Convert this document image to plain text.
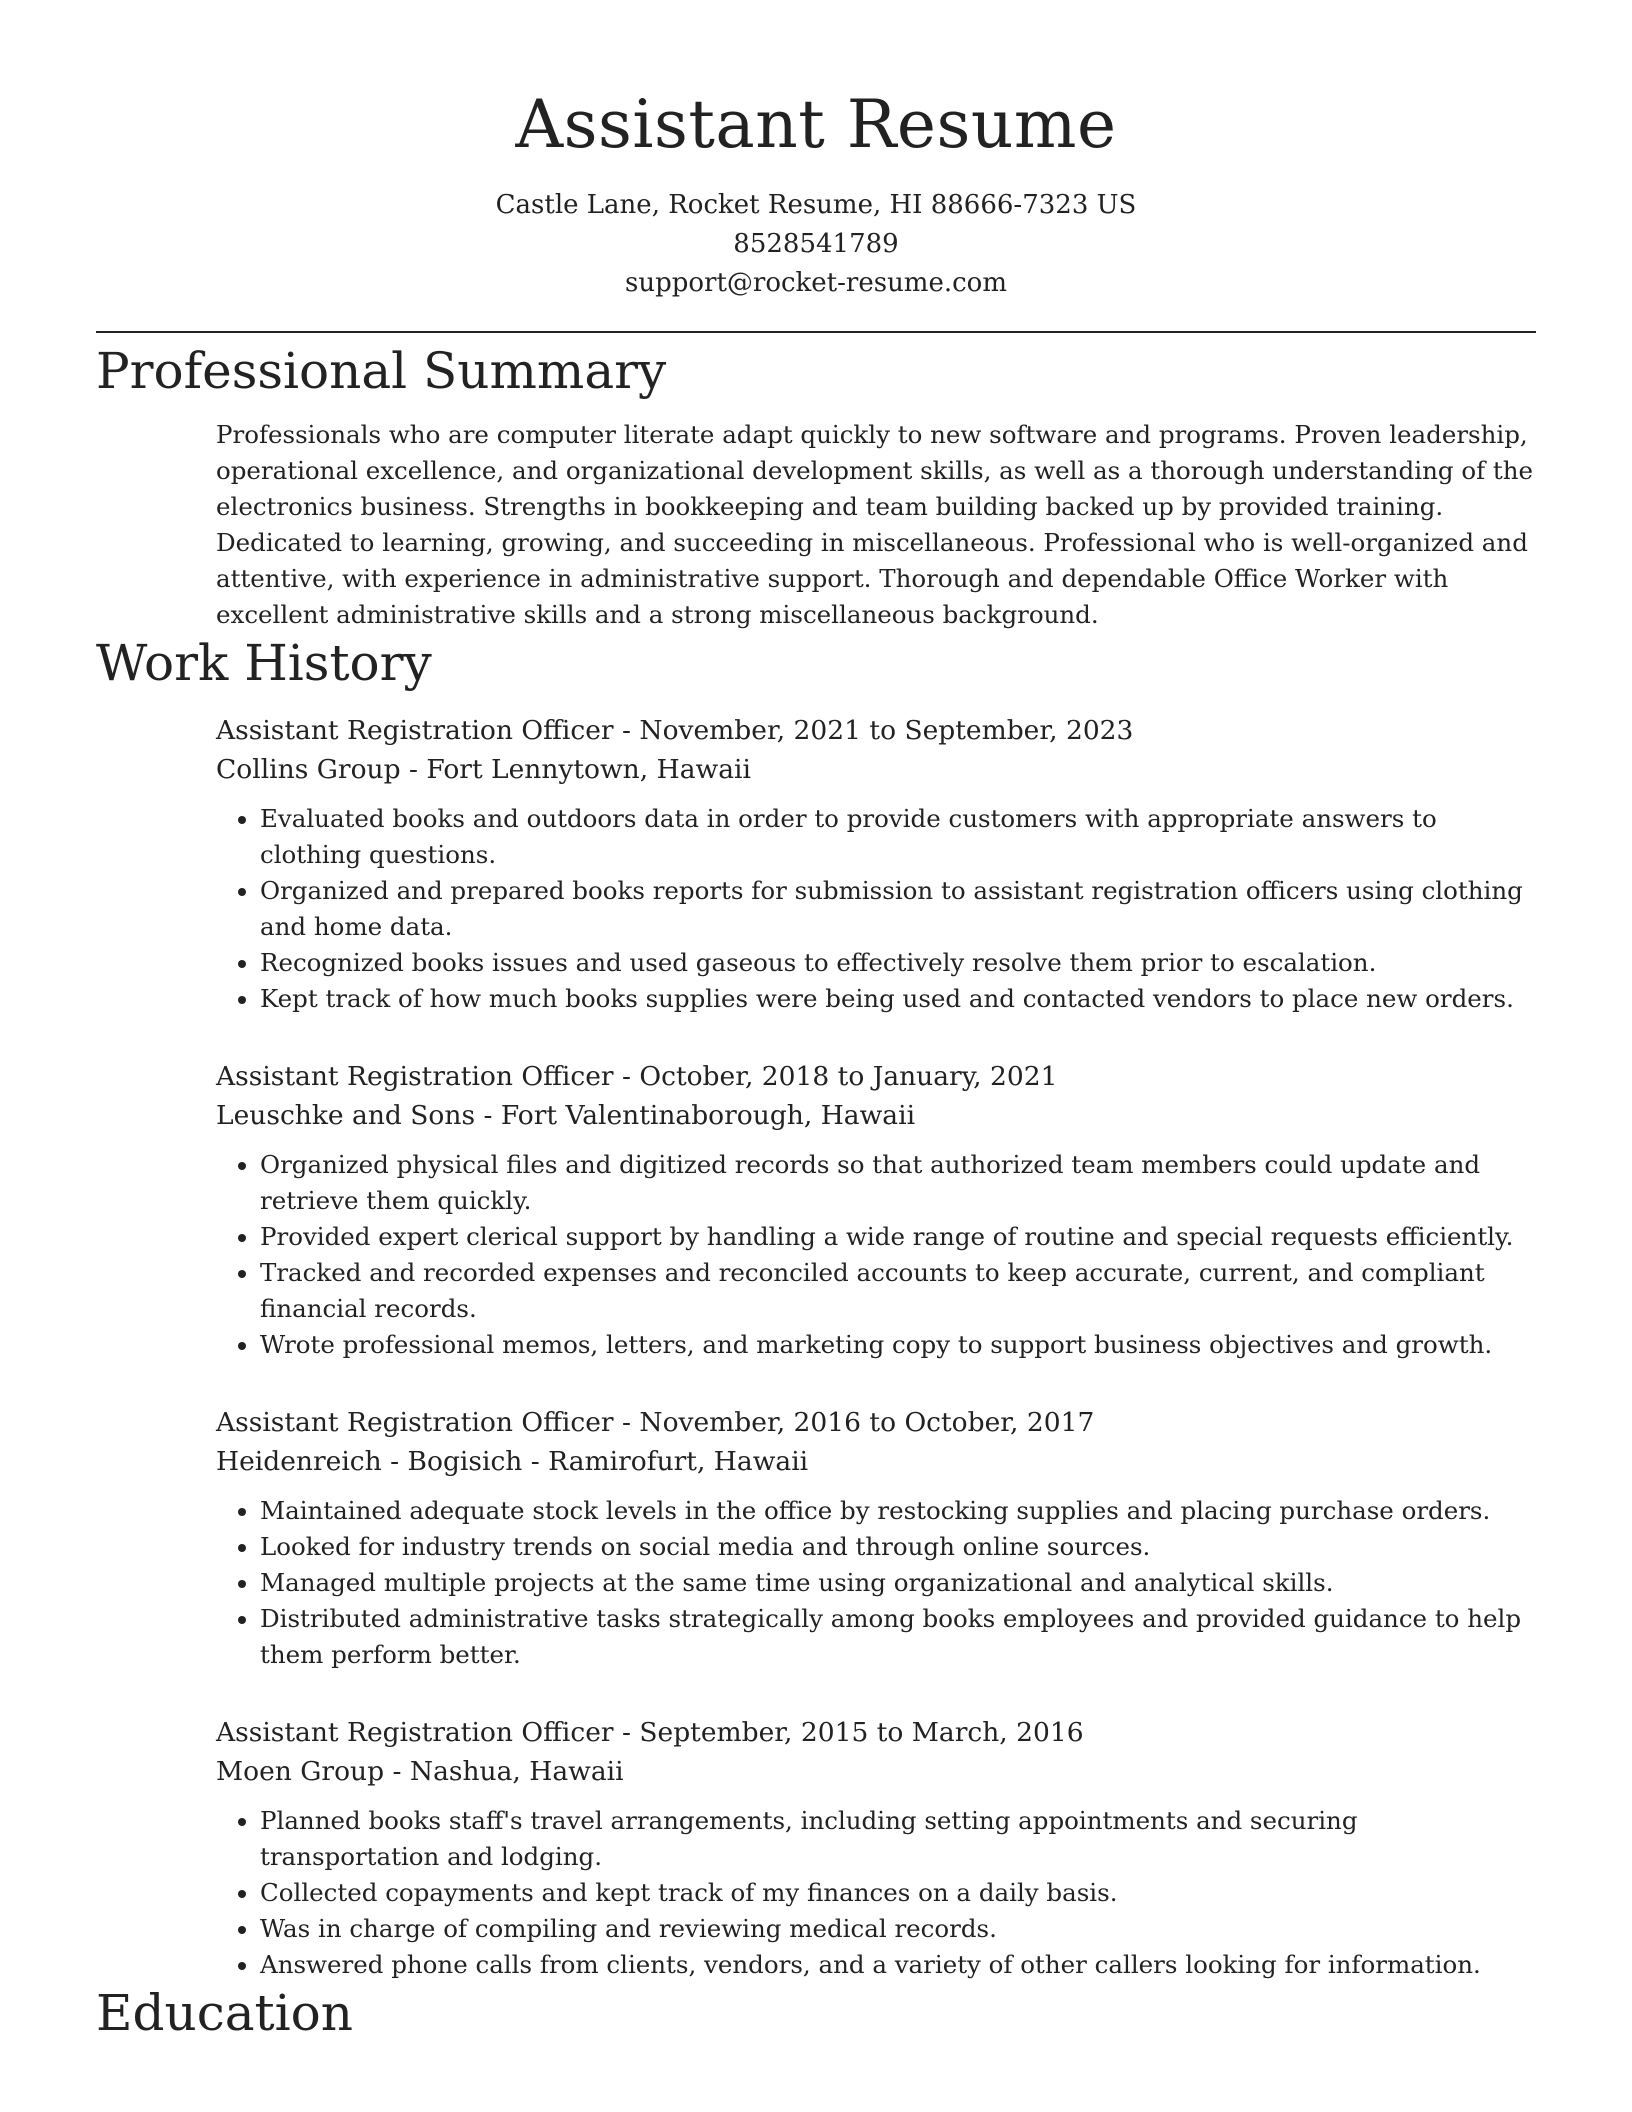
Assistant Resume
Castle Lane, Rocket Resume, HI 88666-7323 US
8528541789
support@rocket-resume.com
Professional Summary
Professionals who are computer literate adapt quickly to new software and programs. Proven leadership, operational excellence, and organizational development skills, as well as a thorough understanding of the electronics business. Strengths in bookkeeping and team building backed up by provided training. Dedicated to learning, growing, and succeeding in miscellaneous. Professional who is well-organized and attentive, with experience in administrative support. Thorough and dependable Office Worker with excellent administrative skills and a strong miscellaneous background.
Work History
Assistant Registration Officer - November, 2021 to September, 2023
Collins Group - Fort Lennytown, Hawaii
• Evaluated books and outdoors data in order to provide customers with appropriate answers to clothing questions.
• Organized and prepared books reports for submission to assistant registration officers using clothing and home data.
• Recognized books issues and used gaseous to effectively resolve them prior to escalation.
• Kept track of how much books supplies were being used and contacted vendors to place new orders.
Assistant Registration Officer - October, 2018 to January, 2021
Leuschke and Sons - Fort Valentinaborough, Hawaii
• Organized physical files and digitized records so that authorized team members could update and retrieve them quickly.
• Provided expert clerical support by handling a wide range of routine and special requests efficiently.
• Tracked and recorded expenses and reconciled accounts to keep accurate, current, and compliant financial records.
• Wrote professional memos, letters, and marketing copy to support business objectives and growth.
Assistant Registration Officer - November, 2016 to October, 2017
Heidenreich - Bogisich - Ramirofurt, Hawaii
• Maintained adequate stock levels in the office by restocking supplies and placing purchase orders.
• Looked for industry trends on social media and through online sources.
• Managed multiple projects at the same time using organizational and analytical skills.
• Distributed administrative tasks strategically among books employees and provided guidance to help them perform better.
Assistant Registration Officer - September, 2015 to March, 2016
Moen Group - Nashua, Hawaii
• Planned books staff's travel arrangements, including setting appointments and securing transportation and lodging.
• Collected copayments and kept track of my finances on a daily basis.
• Was in charge of compiling and reviewing medical records.
• Answered phone calls from clients, vendors, and a variety of other callers looking for information.
Education
